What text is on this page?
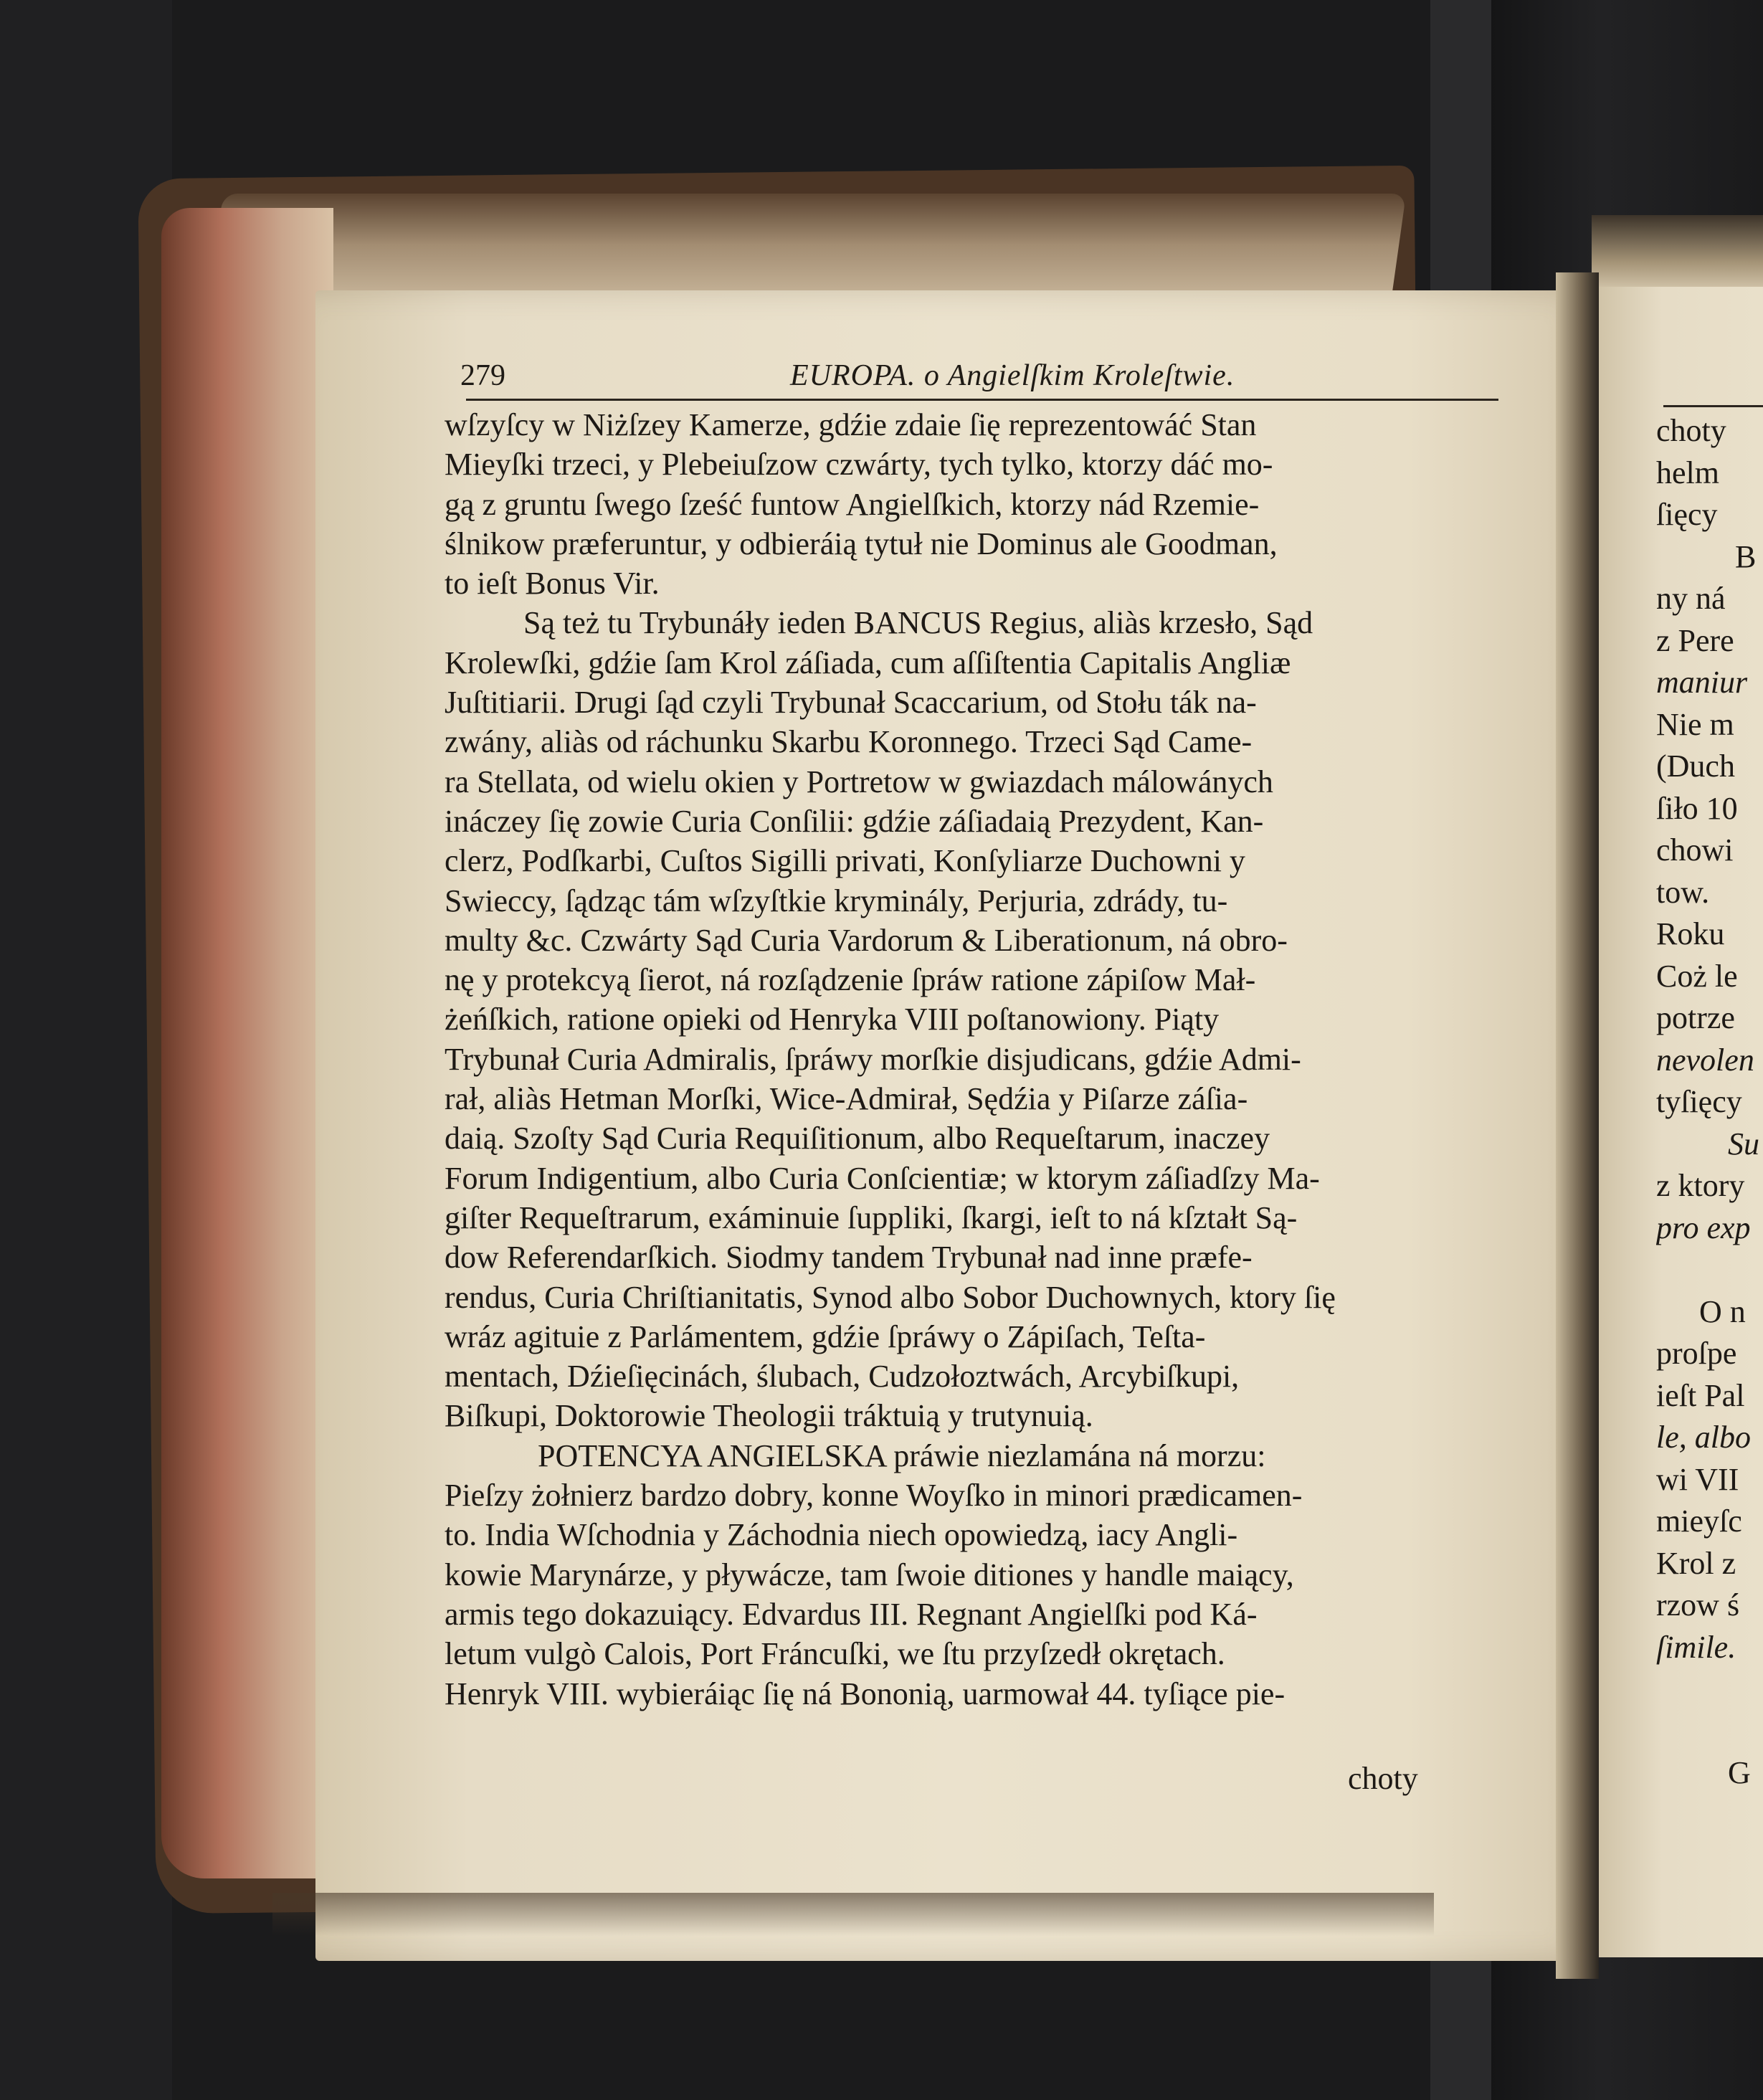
279	EUROPA. o Angielſkim Kroleſtwie.
wſzyſcy w Niżſzey Kamerze, gdźie zdaie ſię reprezentowáć Stan
Mieyſki trzeci, y Plebeiuſzow czwárty, tych tylko, ktorzy dáć mo-
gą z gruntu ſwego ſześć funtow Angielſkich, ktorzy nád Rzemie-
ślnikow præferuntur, y odbieráią tytuł nie Dominus ale Goodman,
to ieſt Bonus Vir.
Są też tu Trybunáły ieden BANCUS Regius, aliàs krzesło, Sąd
Krolewſki, gdźie ſam Krol záſiada, cum aſſiſtentia Capitalis Angliæ
Juſtitiarii. Drugi ſąd czyli Trybunał Scaccarium, od Stołu ták na-
zwány, aliàs od ráchunku Skarbu Koronnego. Trzeci Sąd Came-
ra Stellata, od wielu okien y Portretow w gwiazdach málowánych
ináczey ſię zowie Curia Conſilii: gdźie záſiadaią Prezydent, Kan-
clerz, Podſkarbi, Cuſtos Sigilli privati, Konſyliarze Duchowni y
Swieccy, ſądząc tám wſzyſtkie kryminály, Perjuria, zdrády, tu-
multy &c. Czwárty Sąd Curia Vardorum & Liberationum, ná obro-
nę y protekcyą ſierot, ná rozſądzenie ſpráw ratione zápiſow Mał-
żeńſkich, ratione opieki od Henryka VIII poſtanowiony. Piąty
Trybunał Curia Admiralis, ſpráwy morſkie disjudicans, gdźie Admi-
rał, aliàs Hetman Morſki, Wice-Admirał, Sędźia y Piſarze záſia-
daią. Szoſty Sąd Curia Requiſitionum, albo Requeſtarum, inaczey
Forum Indigentium, albo Curia Conſcientiæ; w ktorym záſiadſzy Ma-
giſter Requeſtrarum, exáminuie ſuppliki, ſkargi, ieſt to ná kſztałt Są-
dow Referendarſkich. Siodmy tandem Trybunał nad inne præfe-
rendus, Curia Chriſtianitatis, Synod albo Sobor Duchownych, ktory ſię
wráz agituie z Parlámentem, gdźie ſpráwy o Zápiſach, Teſta-
mentach, Dźieſięcinách, ślubach, Cudzołoztwách, Arcybiſkupi,
Biſkupi, Doktorowie Theologii tráktuią y trutynuią.
POTENCYA ANGIELSKA práwie niezlamána ná morzu:
Pieſzy żołnierz bardzo dobry, konne Woyſko in minori prædicamen-
to. India Wſchodnia y Záchodnia niech opowiedzą, iacy Angli-
kowie Marynárze, y pływácze, tam ſwoie ditiones y handle maiący,
armis tego dokazuiący. Edvardus III. Regnant Angielſki pod Ká-
letum vulgò Calois, Port Fráncuſki, we ſtu przyſzedł okrętach.
Henryk VIII. wybieráiąc ſię ná Bononią, uarmował 44. tyſiące pie-
choty
choty
helm
ſięcy
B
ny ná
z Pere
maniur
Nie m
(Duch
ſiło 10
chowi
tow.
Roku
Coż le
potrze
nevolen
tyſięcy
Su
z ktory
pro exp
O n
proſpe
ieſt Pal
le, albo
wi VII
mieyſc
Krol z
rzow ś
ſimile.
G
